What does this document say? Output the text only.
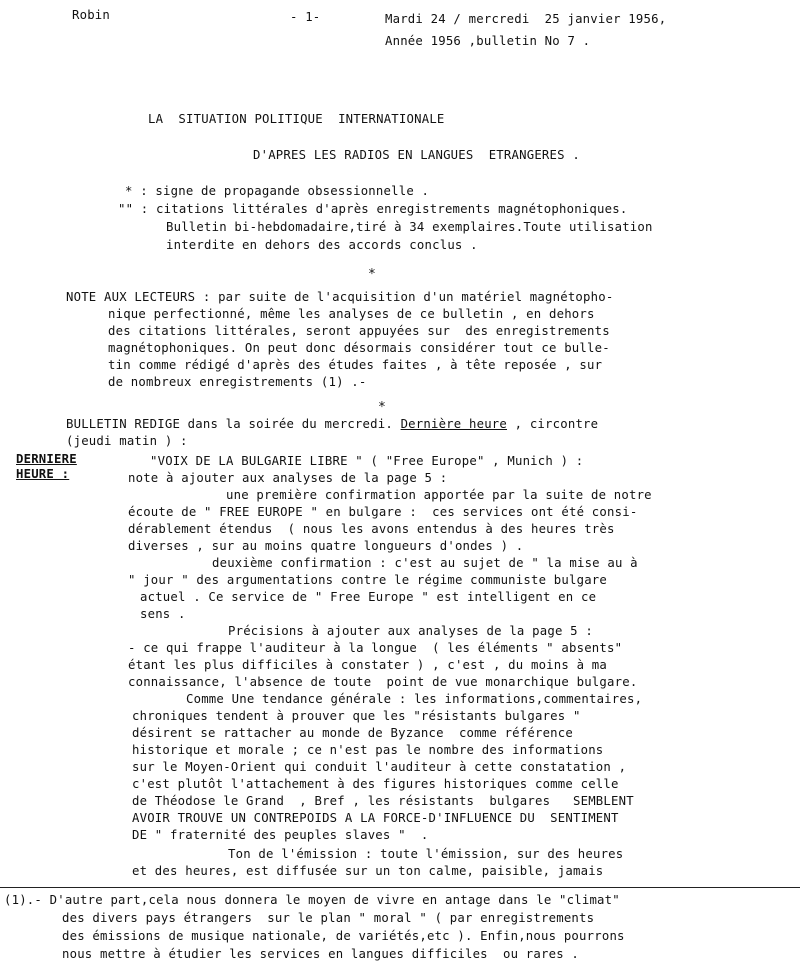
Robin	- 1-	Mardi 24 / mercredi  25 janvier 1956,
Année 1956 ,bulletin No 7 .
LA  SITUATION POLITIQUE  INTERNATIONALE
D'APRES LES RADIOS EN LANGUES  ETRANGERES .
* : signe de propagande obsessionnelle .
"" : citations littérales d'après enregistrements magnétophoniques.
Bulletin bi-hebdomadaire,tiré à 34 exemplaires.Toute utilisation
interdite en dehors des accords conclus .
*
NOTE AUX LECTEURS : par suite de l'acquisition d'un matériel magnétopho-
nique perfectionné, même les analyses de ce bulletin , en dehors
des citations littérales, seront appuyées sur  des enregistrements
magnétophoniques. On peut donc désormais considérer tout ce bulle-
tin comme rédigé d'après des études faites , à tête reposée , sur
de nombreux enregistrements (1) .-
*
BULLETIN REDIGE dans la soirée du mercredi. Dernière heure , circontre
(jeudi matin ) :
DERNIERE
HEURE :
"VOIX DE LA BULGARIE LIBRE " ( "Free Europe" , Munich ) :
note à ajouter aux analyses de la page 5 :
une première confirmation apportée par la suite de notre
écoute de " FREE EUROPE " en bulgare :  ces services ont été consi-
dérablement étendus  ( nous les avons entendus à des heures très
diverses , sur au moins quatre longueurs d'ondes ) .
deuxième confirmation : c'est au sujet de " la mise au à
" jour " des argumentations contre le régime communiste bulgare
actuel . Ce service de " Free Europe " est intelligent en ce
sens .
Précisions à ajouter aux analyses de la page 5 :
- ce qui frappe l'auditeur à la longue  ( les éléments " absents"
étant les plus difficiles à constater ) , c'est , du moins à ma
connaissance, l'absence de toute  point de vue monarchique bulgare.
Comme Une tendance générale : les informations,commentaires,
chroniques tendent à prouver que les "résistants bulgares "
désirent se rattacher au monde de Byzance  comme référence
historique et morale ; ce n'est pas le nombre des informations
sur le Moyen-Orient qui conduit l'auditeur à cette constatation ,
c'est plutôt l'attachement à des figures historiques comme celle
de Théodose le Grand  , Bref , les résistants  bulgares   SEMBLENT
AVOIR TROUVE UN CONTREPOIDS A LA FORCE-D'INFLUENCE DU  SENTIMENT
DE " fraternité des peuples slaves "  .
Ton de l'émission : toute l'émission, sur des heures
et des heures, est diffusée sur un ton calme, paisible, jamais
(1).- D'autre part,cela nous donnera le moyen de vivre en antage dans le "climat"
des divers pays étrangers  sur le plan " moral " ( par enregistrements
des émissions de musique nationale, de variétés,etc ). Enfin,nous pourrons
nous mettre à étudier les services en langues difficiles  ou rares .
